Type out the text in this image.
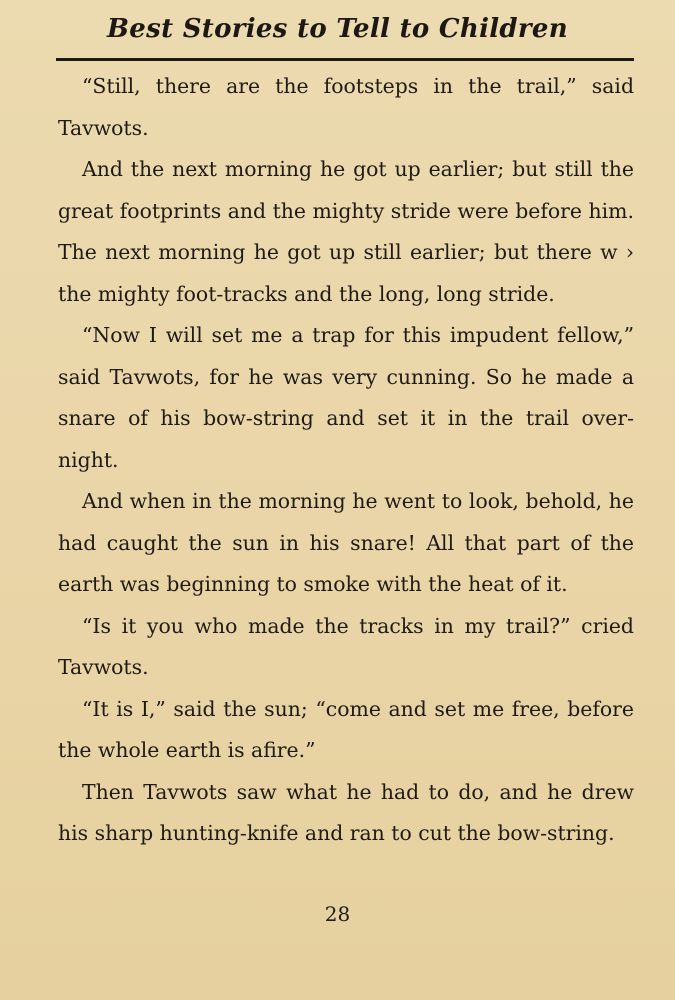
Best Stories to Tell to Children

“Still, there are the footsteps in the trail,” said Tavwots.

And the next morning he got up earlier; but still the great footprints and the mighty stride were before him. The next morning he got up still earlier; but there w › the mighty foot-tracks and the long, long stride.

“Now I will set me a trap for this impudent fellow,” said Tavwots, for he was very cunning. So he made a snare of his bow-string and set it in the trail over-night.

And when in the morning he went to look, behold, he had caught the sun in his snare! All that part of the earth was beginning to smoke with the heat of it.

“Is it you who made the tracks in my trail?” cried Tavwots.

“It is I,” said the sun; “come and set me free, before the whole earth is afire.”

Then Tavwots saw what he had to do, and he drew his sharp hunting-knife and ran to cut the bow-string.

28
